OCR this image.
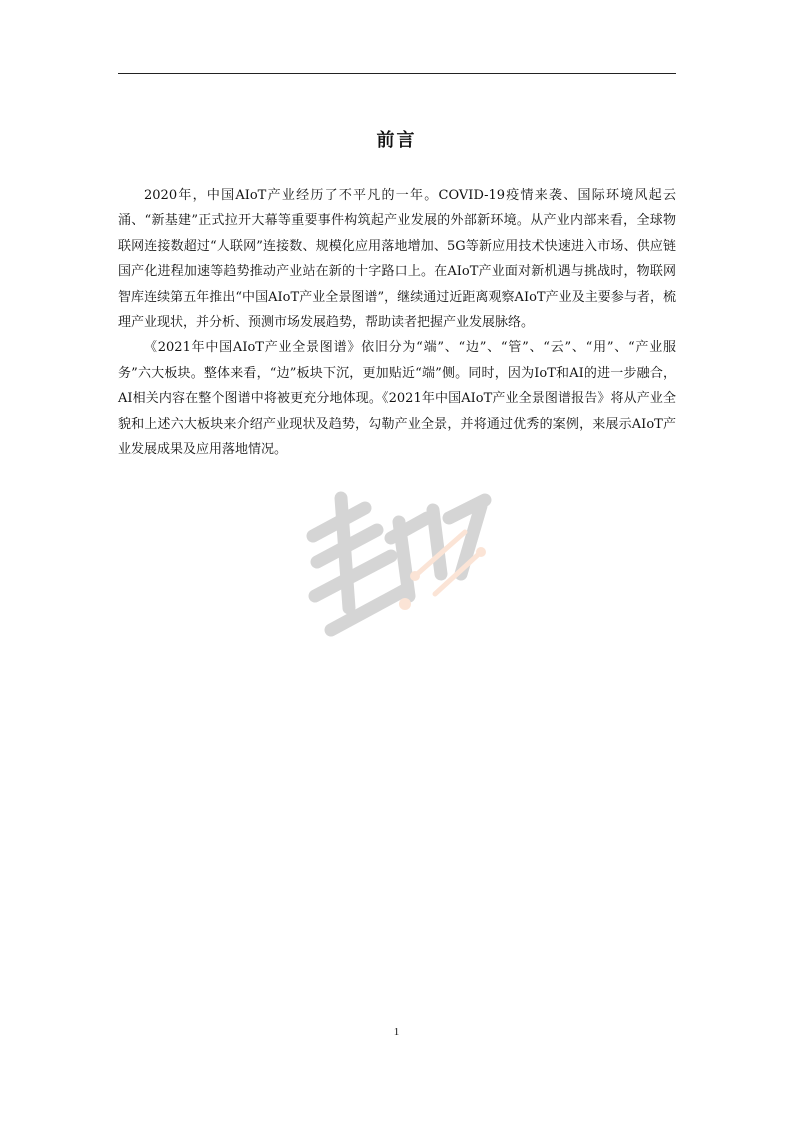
前言

2020年，中国AIoT产业经历了不平凡的一年。COVID-19疫情来袭、国际环境风起云涌、“新基建”正式拉开大幕等重要事件构筑起产业发展的外部新环境。从产业内部来看，全球物联网连接数超过“人联网”连接数、规模化应用落地增加、5G等新应用技术快速进入市场、供应链国产化进程加速等趋势推动产业站在新的十字路口上。在AIoT产业面对新机遇与挑战时，物联网智库连续第五年推出“中国AIoT产业全景图谱”，继续通过近距离观察AIoT产业及主要参与者，梳理产业现状，并分析、预测市场发展趋势，帮助读者把握产业发展脉络。

《2021年中国AIoT产业全景图谱》依旧分为“端”、“边”、“管”、“云”、“用”、“产业服务”六大板块。整体来看，“边”板块下沉，更加贴近“端”侧。同时，因为IoT和AI的进一步融合，AI相关内容在整个图谱中将被更充分地体现。《2021年中国AIoT产业全景图谱报告》将从产业全貌和上述六大板块来介绍产业现状及趋势，勾勒产业全景，并将通过优秀的案例，来展示AIoT产业发展成果及应用落地情况。

1
